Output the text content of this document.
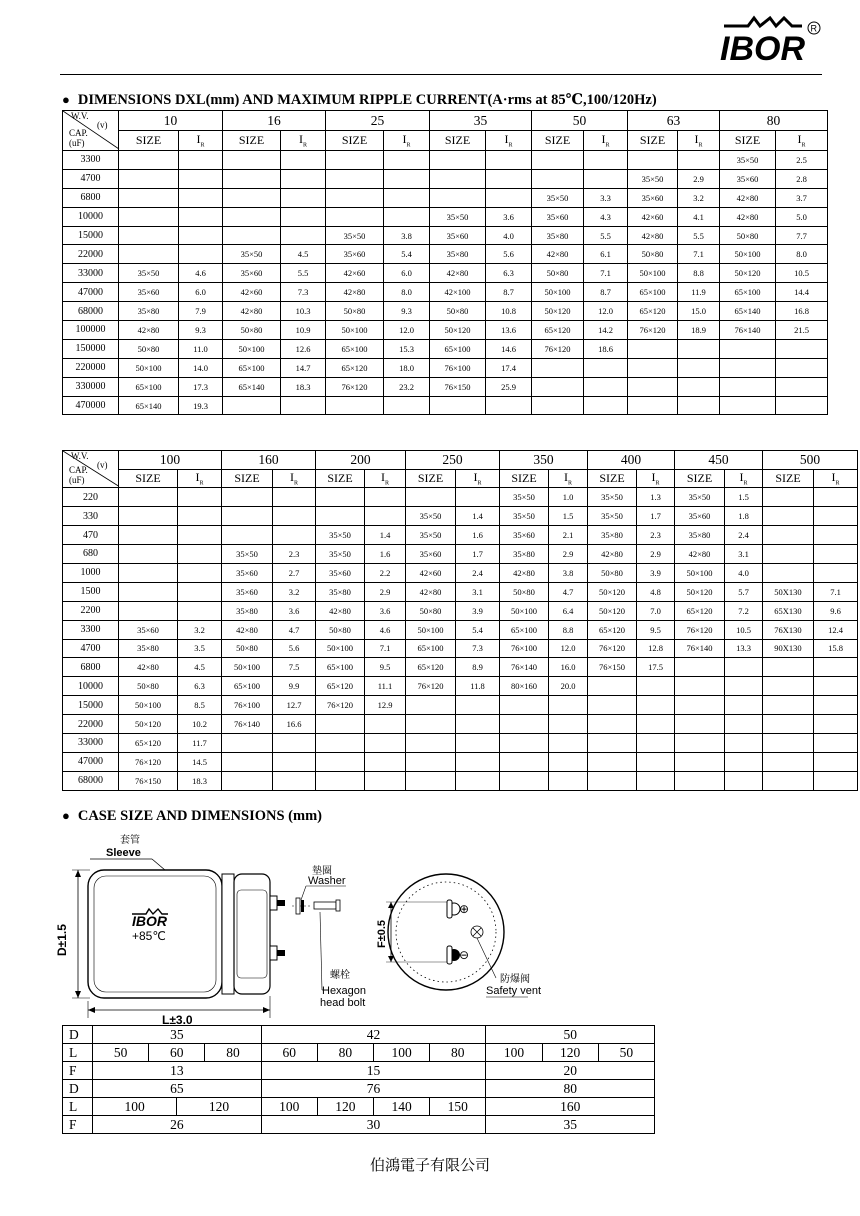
IBOR
R
● DIMENSIONS DXL(mm) AND MAXIMUM RIPPLE CURRENT(A·rms at 85℃,100/120Hz)
W.V.
(v)
CAP.
(uF)	10		16		25		35		50		63		80	
	SIZE	$I_R$	SIZE	$I_R$	SIZE	$I_R$	SIZE	$I_R$	SIZE	$I_R$	SIZE	$I_R$	SIZE	$I_R$
3300													35×50	2.5
4700											35×50	2.9	35×60	2.8
6800									35×50	3.3	35×60	3.2	42×80	3.7
10000							35×50	3.6	35×60	4.3	42×60	4.1	42×80	5.0
15000					35×50	3.8	35×60	4.0	35×80	5.5	42×80	5.5	50×80	7.7
22000			35×50	4.5	35×60	5.4	35×80	5.6	42×80	6.1	50×80	7.1	50×100	8.0
33000	35×50	4.6	35×60	5.5	42×60	6.0	42×80	6.3	50×80	7.1	50×100	8.8	50×120	10.5
47000	35×60	6.0	42×60	7.3	42×80	8.0	42×100	8.7	50×100	8.7	65×100	11.9	65×100	14.4
68000	35×80	7.9	42×80	10.3	50×80	9.3	50×80	10.8	50×120	12.0	65×120	15.0	65×140	16.8
100000	42×80	9.3	50×80	10.9	50×100	12.0	50×120	13.6	65×120	14.2	76×120	18.9	76×140	21.5
150000	50×80	11.0	50×100	12.6	65×100	15.3	65×100	14.6	76×120	18.6				
220000	50×100	14.0	65×100	14.7	65×120	18.0	76×100	17.4						
330000	65×100	17.3	65×140	18.3	76×120	23.2	76×150	25.9						
470000	65×140	19.3												
W.V.
(v)
CAP.
(uF)	100		160		200		250		350		400		450		500	
	SIZE	$I_R$	SIZE	$I_R$	SIZE	$I_R$	SIZE	$I_R$	SIZE	$I_R$	SIZE	$I_R$	SIZE	$I_R$	SIZE	$I_R$
220									35×50	1.0	35×50	1.3	35×50	1.5		
330							35×50	1.4	35×50	1.5	35×50	1.7	35×60	1.8		
470					35×50	1.4	35×50	1.6	35×60	2.1	35×80	2.3	35×80	2.4		
680			35×50	2.3	35×50	1.6	35×60	1.7	35×80	2.9	42×80	2.9	42×80	3.1		
1000			35×60	2.7	35×60	2.2	42×60	2.4	42×80	3.8	50×80	3.9	50×100	4.0		
1500			35×60	3.2	35×80	2.9	42×80	3.1	50×80	4.7	50×120	4.8	50×120	5.7	50X130	7.1
2200			35×80	3.6	42×80	3.6	50×80	3.9	50×100	6.4	50×120	7.0	65×120	7.2	65X130	9.6
3300	35×60	3.2	42×80	4.7	50×80	4.6	50×100	5.4	65×100	8.8	65×120	9.5	76×120	10.5	76X130	12.4
4700	35×80	3.5	50×80	5.6	50×100	7.1	65×100	7.3	76×100	12.0	76×120	12.8	76×140	13.3	90X130	15.8
6800	42×80	4.5	50×100	7.5	65×100	9.5	65×120	8.9	76×140	16.0	76×150	17.5				
10000	50×80	6.3	65×100	9.9	65×120	11.1	76×120	11.8	80×160	20.0						
15000	50×100	8.5	76×100	12.7	76×120	12.9										
22000	50×120	10.2	76×140	16.6												
33000	65×120	11.7														
47000	76×120	14.5														
68000	76×150	18.3														
● CASE SIZE AND DIMENSIONS (mm)
套管
Sleeve
IBOR
+85℃
D±1.5
L±3.0
墊圈
Washer
螺栓
Hexagon
head bolt
⊕
⊖
F±0.5
防爆阀
Safety vent
D	35				42				50		
L	50	60		80	60	80	100	80	100	120	50
F	13				15				20		
D	65				76				80		
L	100		120		100	120	140	150	160		
F	26				30				35		
伯鴻電子有限公司
